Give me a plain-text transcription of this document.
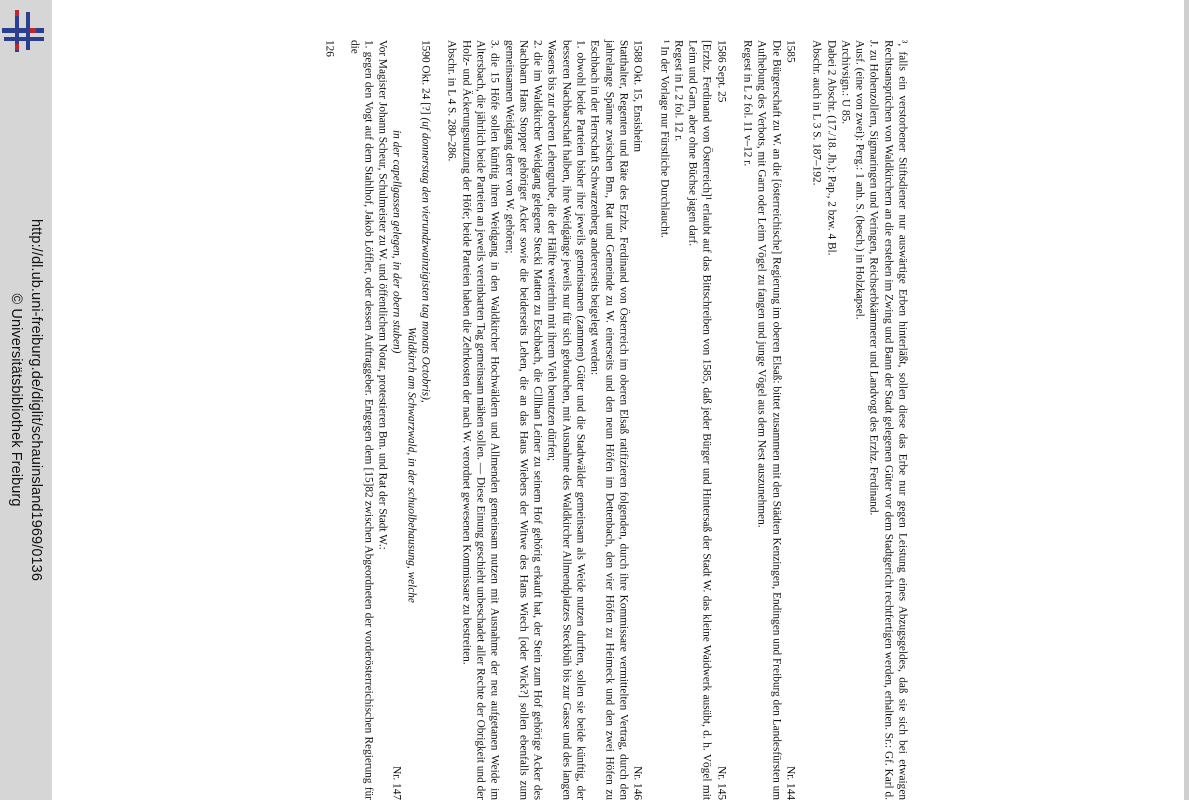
http://dl.ub.uni-freiburg.de/diglit/schauinsland1969/0136
© Universitätsbibliothek Freiburg	³, falls ein verstorbener Stiftsdiener nur auswärtige Erben hinterläßt, sollen diese das Erbe nur gegen Leistung eines Abzugsgeldes, daß sie sich bei etwaigen Rechtsansprüchen von Waldkirchern an die erstehen im Zwing und Bann der Stadt gelegenen Güter vor dem Stadtgericht rechtfertigen werden, erhalten. Sr.: Gf. Karl d. J. zu Hohenzollern, Sigmaringen und Veringen, Reichserbkämmerer und Landvogt des Erzhz. Ferdinand.

Ausf. (eine von zwei): Perg.: 1 anh. S. (besch.) in Holzkapsel.
Archivsign.: U 85.
Dabei 2 Abschr. (17./18. Jh.): Pap., 2 bzw. 4 Bl.
Abschr. auch in L 3 S. 187–192.
1585
Nr. 144

Die Bürgerschaft zu W. an die [österreichische] Regierung im oberen Elsaß: bittet zusammen mit den Städten Kenzingen, Endingen und Freiburg den Landesfürsten um Aufhebung des Verbots, mit Garn oder Leim Vögel zu fangen und junge Vögel aus dem Nest auszunehmen.

Regest in L 2 fol. 11 v–12 r.
1586 Sept. 25
Nr. 145

[Erzhz. Ferdinand von Österreich]¹ erlaubt auf das Bittschreiben von 1585, daß jeder Bürger und Hintersaß der Stadt W. das kleine Waidwerk ausübt, d. h. Vögel mit Leim und Garn, aber ohne Büchse jagen darf.

Regest in L 2 fol. 12 r.
¹ In der Vorlage nur Fürstliche Durchlaucht.
1588 Okt. 15, Ensisheim
Nr. 146

Statthalter, Regenten und Räte des Erzhz. Ferdinand von Österreich im oberen Elsaß ratifizieren folgenden, durch ihre Kommissare vermittelten Vertrag, durch den jahrelange Spänne zwischen Bm., Rat und Gemeinde zu W. einerseits und den neun Höfen im Dettenbach, den vier Höfen zu Heimeck und den zwei Höfen zu Eschbach in der Herrschaft Schwarzenberg andererseits beigelegt werden:

1. obwohl beide Parteien bisher ihre jeweils gemeinsamen (zammen) Güter und die Stadtwälder gemeinsam als Weide nutzen durften, sollen sie beide künftig, der besseren Nachbarschaft halben, ihre Weidgänge jeweils nur für sich gebrauchen, mit Ausnahme des Waldkircher Allmendplatzes Steckbüh bis zur Gasse und des langen Wasens bis zur oberen Lehengrube, die der Hälfte weiterhin mit ihrem Vieh benutzen dürfen;

2. die im Waldkircher Weidgang gelegene Stecki Matten zu Eschbach, die Clllhan Leiner zu seinem Hof gehörig erkauft hat, der Stein zum Hof gehörige Acker des Nachbarn Hans Stopper gehöriger Acker sowie die beiderseits Lehen, die an das Haus Wiebers der Witwe des Hans Wiech [oder Wick?] sollen ebenfalls zum gemeinsamen Weidgang derer von W. gehören;

3. die 15 Höfe sollen künftig ihren Weidgang in den Waldkircher Hochwäldern und Allmenden gemeinsam nutzen mit Ausnahme der neu aufgetanen Weide im Altersbach, die jährlich beide Parteien an jeweils vereinbarten Tag gemeinsam mähen sollen. — Diese Einung geschieht unbeschadet aller Rechte der Obrigkeit und der Holz- und Äckerungsnutzung der Höfe; beide Parteien haben die Zehrkosten der nach W. verordnet gewesenen Kommissare zu bestreiten.

Abschr. in L 4 S. 280–286.
1590 Okt. 24 [?] (uf donnerstag den vierundzwainzigisten tag monats Octobris),
Waldkirch am Schwarzwald, in der schuolbehausung, welche
in der capellgassen gelegen, in der obern stuben)
Nr. 147

Vor Magister Johann Scheur, Schulmeister zu W. und öffentlichem Notar, protestieren Bm. und Rat der Stadt W.:

1. gegen den Vogt auf dem Stahlhof, Jakob Löffler, oder dessen Auftraggeber. Entgegen dem [15]82 zwischen Abgeordneten der vorderösterreichischen Regierung für die

126
